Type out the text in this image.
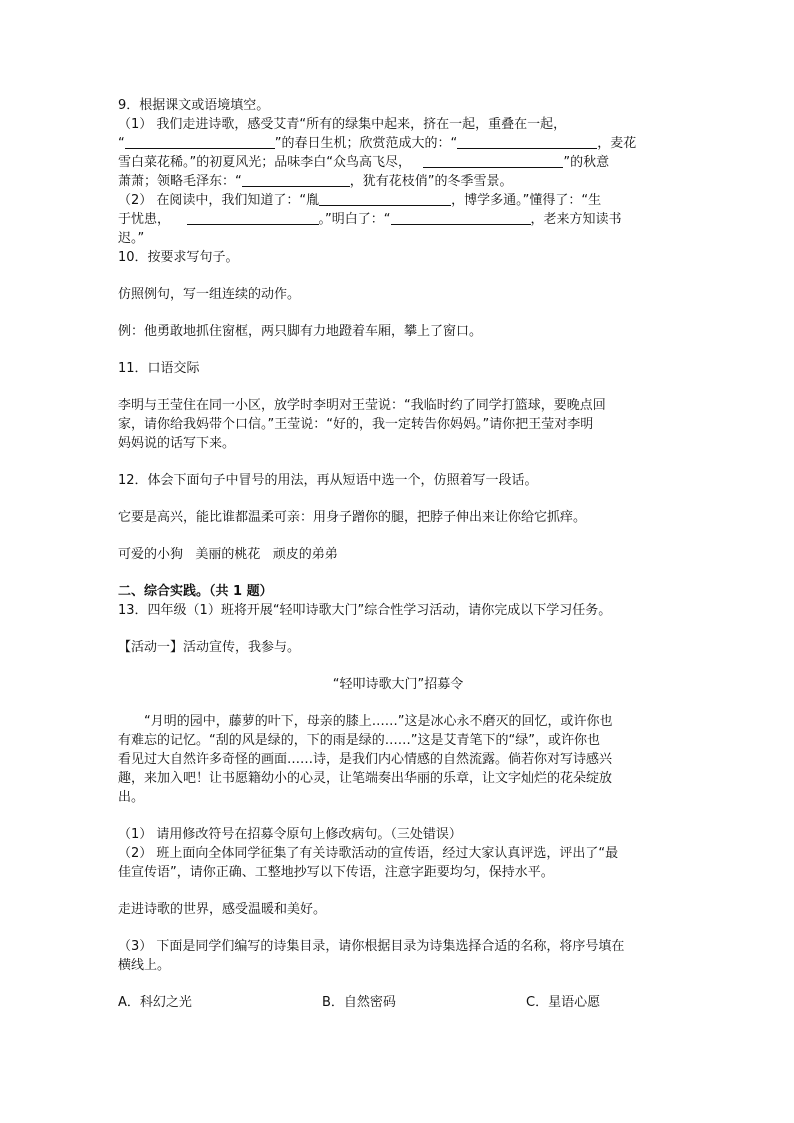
9．根据课文或语境填空。

（1） 我们走进诗歌，感受艾青“所有的绿集中起来，挤在一起，重叠在一起，

“	”的春日生机；欣赏范成大的：“	，麦花

雪白菜花稀。”的初夏风光；品味李白“众鸟高飞尽，	”的秋意

萧萧；领略毛泽东：“	，犹有花枝俏”的冬季雪景。

（2） 在阅读中，我们知道了：“胤	，博学多通。”懂得了：“生

于忧患，	。”明白了：“	，老来方知读书

迟。”

10．按要求写句子。

仿照例句，写一组连续的动作。

例：他勇敢地抓住窗框，两只脚有力地蹬着车厢，攀上了窗口。

11．口语交际

李明与王莹住在同一小区，放学时李明对王莹说：“我临时约了同学打篮球，要晚点回

家，请你给我妈带个口信。”王莹说：“好的，我一定转告你妈妈。”请你把王莹对李明

妈妈说的话写下来。

12．体会下面句子中冒号的用法，再从短语中选一个，仿照着写一段话。

它要是高兴，能比谁都温柔可亲：用身子蹭你的腿，把脖子伸出来让你给它抓痒。

可爱的小狗   美丽的桃花   顽皮的弟弟

二、综合实践。（共 1 题）

13．四年级（1）班将开展“轻叩诗歌大门”综合性学习活动，请你完成以下学习任务。

【活动一】活动宣传，我参与。

“轻叩诗歌大门”招募令

“月明的园中，藤萝的叶下，母亲的膝上……”这是冰心永不磨灭的回忆，或许你也

有难忘的记忆。“刮的风是绿的，下的雨是绿的……”这是艾青笔下的“绿”，或许你也

看见过大自然许多奇怪的画面……诗，是我们内心情感的自然流露。倘若你对写诗感兴

趣，来加入吧！让书愿籍幼小的心灵，让笔端奏出华丽的乐章，让文字灿烂的花朵绽放

出。

（1） 请用修改符号在招募令原句上修改病句。（三处错误）

（2） 班上面向全体同学征集了有关诗歌活动的宣传语，经过大家认真评选，评出了“最

佳宣传语”，请你正确、工整地抄写以下传语，注意字距要均匀，保持水平。

走进诗歌的世界，感受温暖和美好。

（3） 下面是同学们编写的诗集目录，请你根据目录为诗集选择合适的名称，将序号填在

横线上。

A．科幻之光	B．自然密码	C．星语心愿
